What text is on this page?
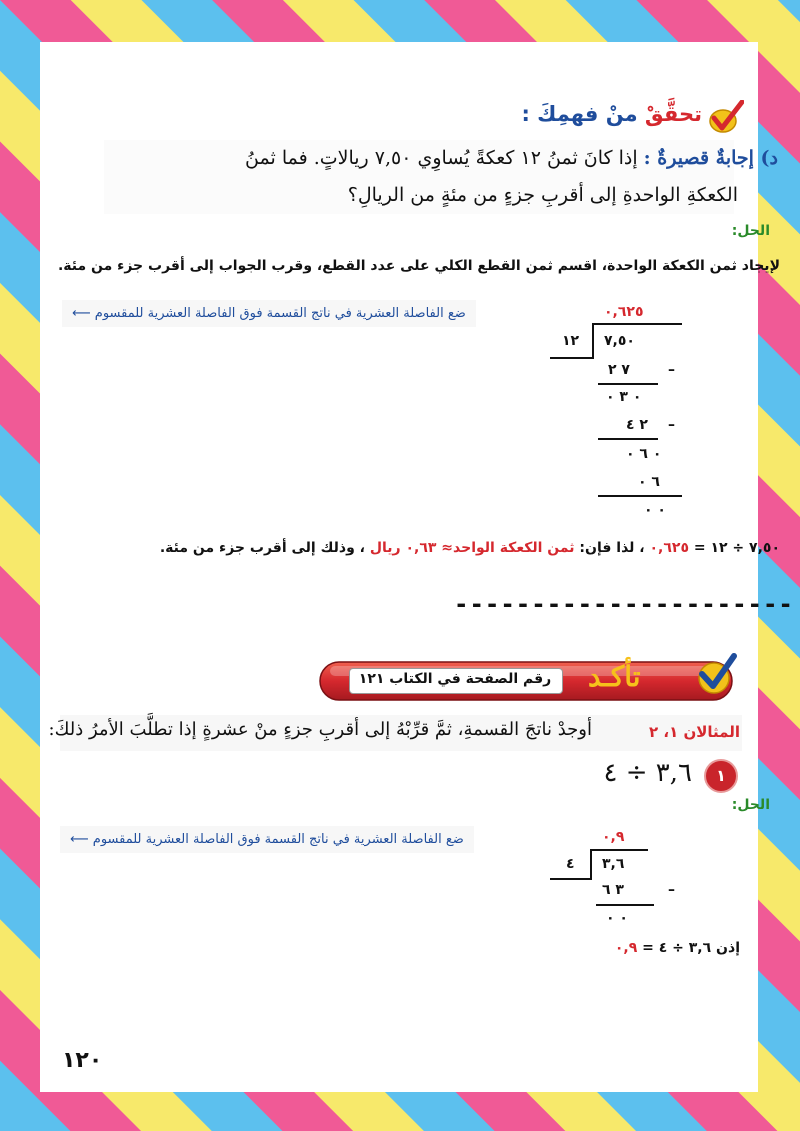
تحقَّقْ منْ فهمِكَ :
د) إجابةٌ قصيرةٌ : إذا كانَ ثمنُ ١٢ كعكةً يُساوِي ٧,٥٠ ريالاتٍ. فما ثمنُ
الكعكةِ الواحدةِ إلى أقربِ جزءٍ من مئةٍ من الريالِ؟
الحل:
لإيجاد ثمن الكعكة الواحدة، اقسم ثمن القطع الكلي على عدد القطع، وقرب الجواب إلى أقرب جزء من مئة.
ضع الفاصلة العشرية في ناتج القسمة فوق الفاصلة العشرية للمقسوم ⟵	٠,٦٢٥
١٢ ٧,٥٠
٧ ٢	–
٠ ٣ ٠
٢ ٤ –
٠ ٦ ٠
٦ ٠
٠ ٠
٧,٥٠ ÷ ١٢ = ٠,٦٢٥ ، لذا فإن: ثمن الكعكة الواحد≈ ٠,٦٣ ريال ، وذلك إلى أقرب جزء من مئة.
----------------------
رقم الصفحة في الكتاب ١٢١	تأكـد
المثالان ١، ٢
أوجدْ ناتجَ القسمةِ، ثمَّ قرِّبْهُ إلى أقربِ جزءٍ منْ عشرةٍ إذا تطلَّبَ الأمرُ ذلكَ:
١
٣,٦ ÷ ٤
الحل:
ضع الفاصلة العشرية في ناتج القسمة فوق الفاصلة العشرية للمقسوم ⟵	٠,٩
٤ ٣,٦
٣ ٦	–
٠ ٠
إذن ٣,٦ ÷ ٤ = ٠,٩
١٢٠
